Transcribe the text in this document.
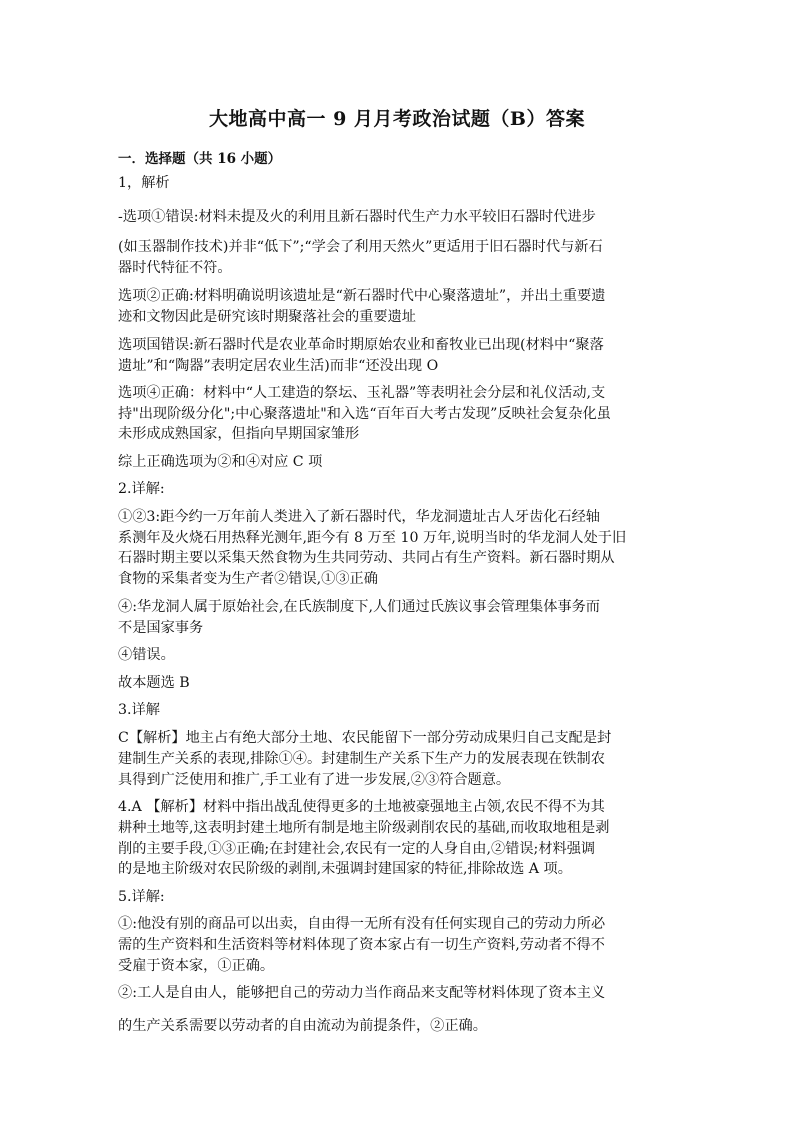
大地高中高一 9 月月考政治试题（B）答案
一．选择题（共 16 小题）
1，解析
-选项①错误:材料未提及火的利用且新石器时代生产力水平较旧石器时代进步
(如玉器制作技术)并非“低下”;“学会了利用天然火”更适用于旧石器时代与新石
器时代特征不符。
选项②正确:材料明确说明该遗址是“新石器时代中心聚落遗址”，并出土重要遗
迹和文物因此是研究该时期聚落社会的重要遗址
选项国错误:新石器时代是农业革命时期原始农业和畜牧业已出现(材料中“聚落
遗址”和“陶器”表明定居农业生活)而非“还没出现 O
选项④正确：材料中“人工建造的祭坛、玉礼器”等表明社会分层和礼仪活动,支
持"出现阶级分化";中心聚落遗址"和入选“百年百大考古发现”反映社会复杂化虽
未形成成熟国家，但指向早期国家雏形
综上正确选项为②和④对应 C 项
2.详解:
①②3:距今约一万年前人类进入了新石器时代，华龙洞遗址古人牙齿化石经轴
系测年及火烧石用热释光测年,距今有 8 万至 10 万年,说明当时的华龙洞人处于旧
石器时期主要以采集天然食物为生共同劳动、共同占有生产资料。新石器时期从
食物的采集者变为生产者②错误,①③正确
④:华龙洞人属于原始社会,在氏族制度下,人们通过氏族议事会管理集体事务而
不是国家事务
④错误。
故本题选 B
3.详解
C【解析】地主占有绝大部分土地、农民能留下一部分劳动成果归自己支配是封
建制生产关系的表现,排除①④。封建制生产关系下生产力的发展表现在铁制农
具得到广泛使用和推广,手工业有了进一步发展,②③符合题意。
4.A 【解析】材料中指出战乱使得更多的土地被豪强地主占领,农民不得不为其
耕种土地等,这表明封建土地所有制是地主阶级剥削农民的基础,而收取地租是剥
削的主要手段,①③正确;在封建社会,农民有一定的人身自由,②错误;材料强调
的是地主阶级对农民阶级的剥削,未强调封建国家的特征,排除故选 A 项。
5.详解:
①:他没有别的商品可以出卖，自由得一无所有没有任何实现自己的劳动力所必
需的生产资料和生活资料等材料体现了资本家占有一切生产资料,劳动者不得不
受雇于资本家，①正确。
②:工人是自由人，能够把自己的劳动力当作商品来支配等材料体现了资本主义
的生产关系需要以劳动者的自由流动为前提条件，②正确。
